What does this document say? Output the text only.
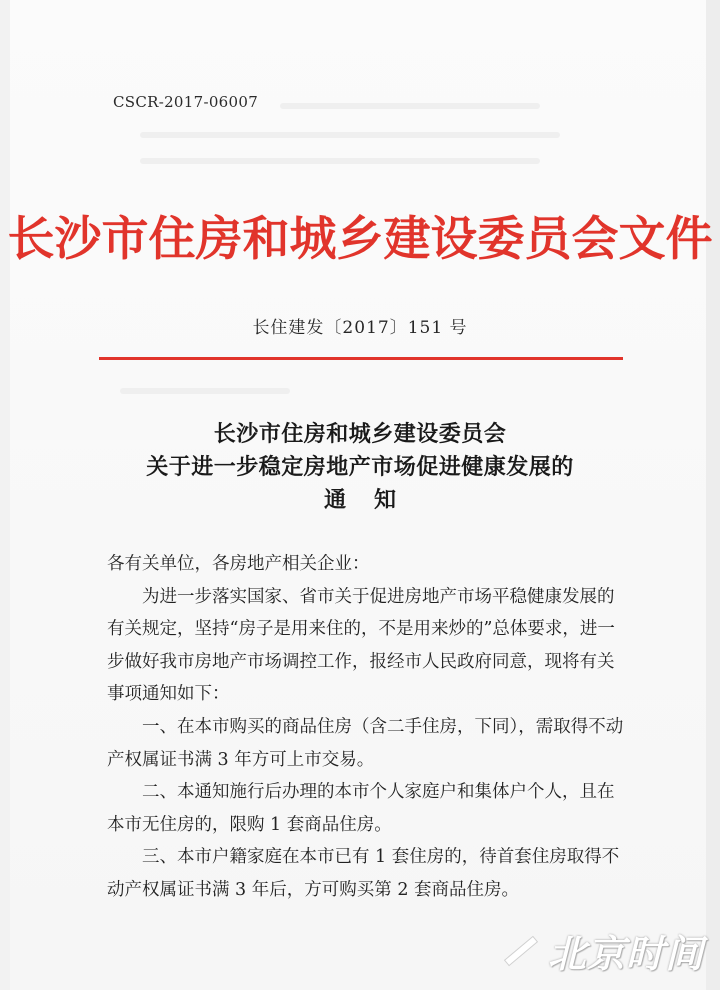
CSCR-2017-06007
长沙市住房和城乡建设委员会文件
长住建发〔2017〕151 号
长沙市住房和城乡建设委员会
关于进一步稳定房地产市场促进健康发展的
通知

各有关单位，各房地产相关企业：

为进一步落实国家、省市关于促进房地产市场平稳健康发展的有关规定，坚持“房子是用来住的，不是用来炒的”总体要求，进一步做好我市房地产市场调控工作，报经市人民政府同意，现将有关事项通知如下：

一、在本市购买的商品住房（含二手住房，下同），需取得不动产权属证书满 3 年方可上市交易。

二、本通知施行后办理的本市个人家庭户和集体户个人，且在本市无住房的，限购 1 套商品住房。

三、本市户籍家庭在本市已有 1 套住房的，待首套住房取得不动产权属证书满 3 年后，方可购买第 2 套商品住房。

北京时间
